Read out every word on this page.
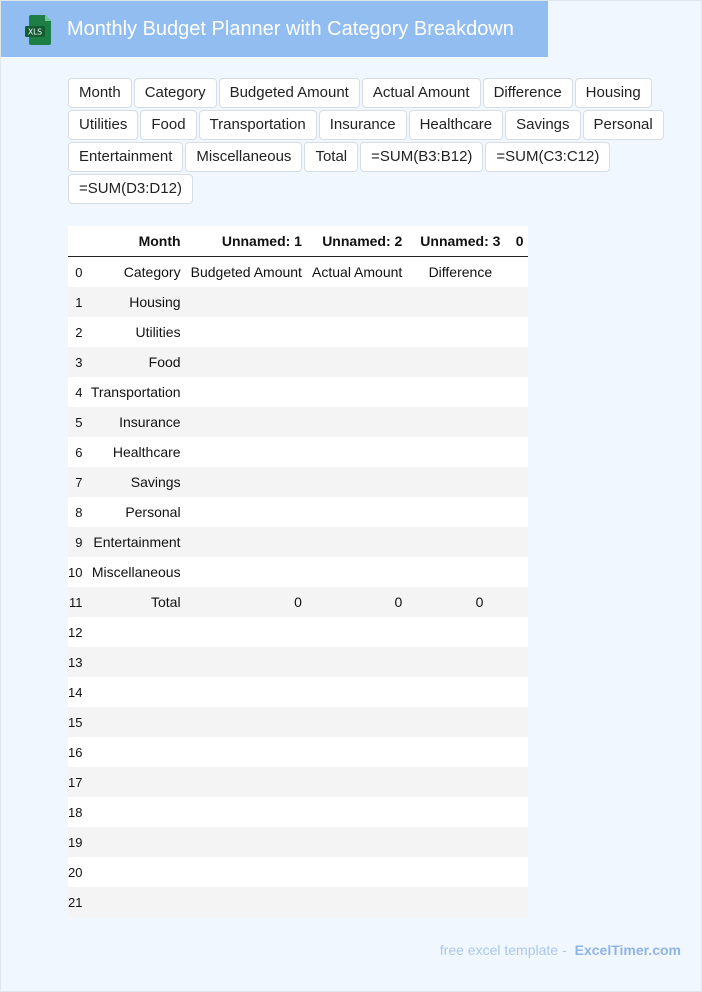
XLS Monthly Budget Planner with Category Breakdown
Month	Category	Budgeted Amount	Actual Amount	Difference	Housing
Utilities	Food	Transportation	Insurance	Healthcare	Savings	Personal
Entertainment	Miscellaneous	Total	=SUM(B3:B12)	=SUM(C3:C12)
=SUM(D3:D12)
	Month	Unnamed: 1	Unnamed: 2	Unnamed: 3	0
0	Category	Budgeted Amount	Actual Amount	Difference	
1	Housing				
2	Utilities				
3	Food				
4	Transportation				
5	Insurance				
6	Healthcare				
7	Savings				
8	Personal				
9	Entertainment				
10	Miscellaneous				
11	Total	0	0	0	
12					
13					
14					
15					
16					
17					
18					
19					
20					
21					
free excel template - ExcelTimer.com
